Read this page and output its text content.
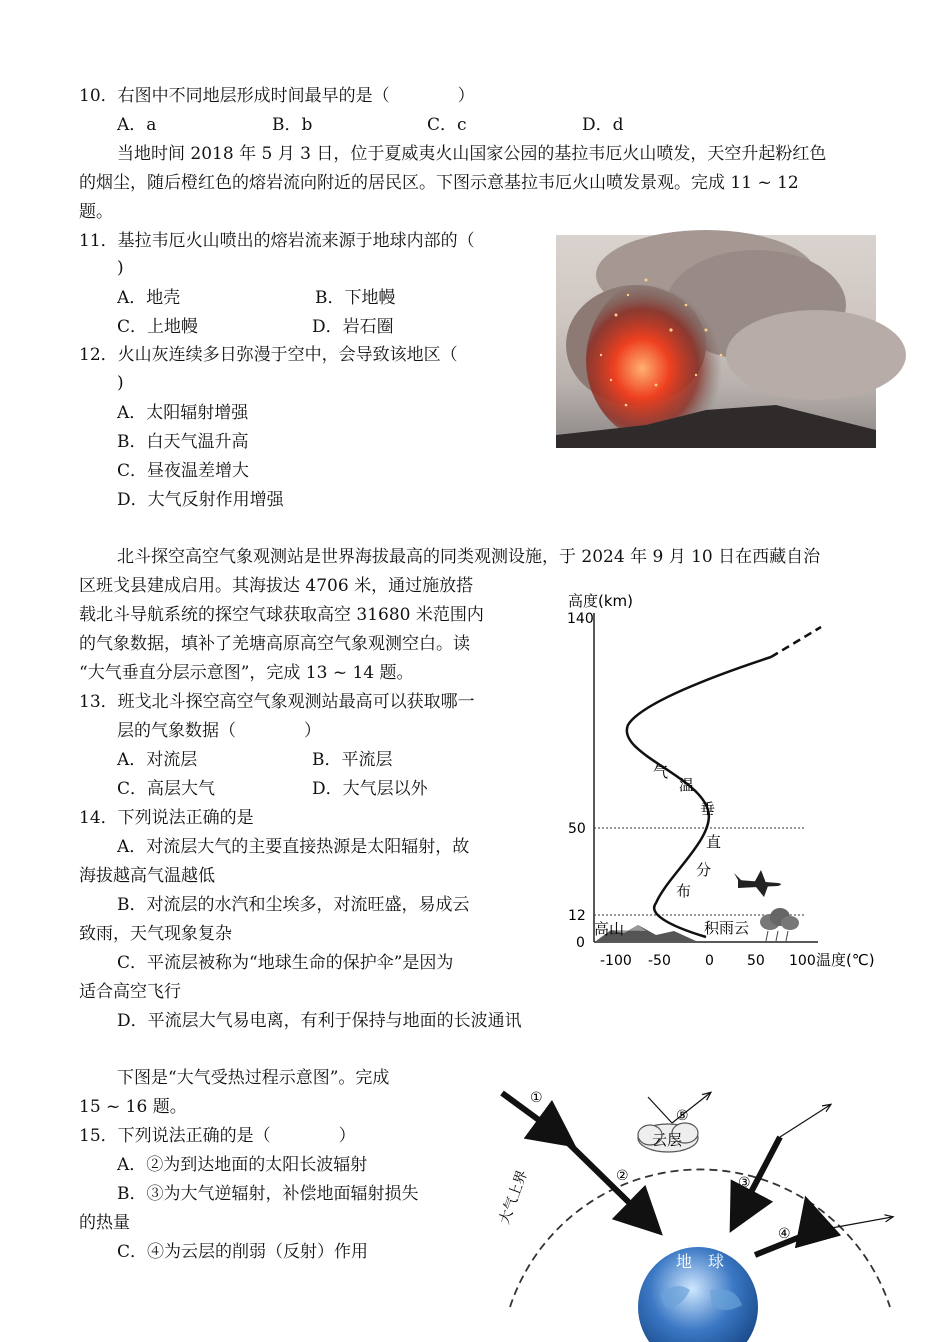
10．右图中不同地层形成时间最早的是（　　　　）
A．a	B．b	C．c	D．d
当地时间 2018 年 5 月 3 日，位于夏威夷火山国家公园的基拉韦厄火山喷发，天空升起粉红色
的烟尘，随后橙红色的熔岩流向附近的居民区。下图示意基拉韦厄火山喷发景观。完成 11 ~ 12
题。
11．基拉韦厄火山喷出的熔岩流来源于地球内部的（
)
A．地壳	B．下地幔
C．上地幔	D．岩石圈
12．火山灰连续多日弥漫于空中，会导致该地区（
)
A．太阳辐射增强
B．白天气温升高
C．昼夜温差增大
D．大气反射作用增强
北斗探空高空气象观测站是世界海拔最高的同类观测设施，于 2024 年 9 月 10 日在西藏自治
区班戈县建成启用。其海拔达 4706 米，通过施放搭
载北斗导航系统的探空气球获取高空 31680 米范围内
的气象数据，填补了羌塘高原高空气象观测空白。读
“大气垂直分层示意图”，完成 13 ~ 14 题。
13．班戈北斗探空高空气象观测站最高可以获取哪一
层的气象数据（　　　　）
A．对流层	B．平流层
C．高层大气	D．大气层以外
14．下列说法正确的是
A．对流层大气的主要直接热源是太阳辐射，故
海拔越高气温越低
B．对流层的水汽和尘埃多，对流旺盛，易成云
致雨，天气现象复杂
C．平流层被称为“地球生命的保护伞”是因为
适合高空飞行
D．平流层大气易电离，有利于保持与地面的长波通讯
高度(km)
140
50
12
0
气
温
垂
直
分
布
高山	积雨云
-100 -50 0 50 100 温度(℃)
下图是“大气受热过程示意图”。完成
15 ~ 16 题。
15．下列说法正确的是（　　　　）
A．②为到达地面的太阳长波辐射
B．③为大气逆辐射，补偿地面辐射损失
的热量
C．④为云层的削弱（反射）作用
大气上界
地　球
云层
①
②
⑤
③
④
